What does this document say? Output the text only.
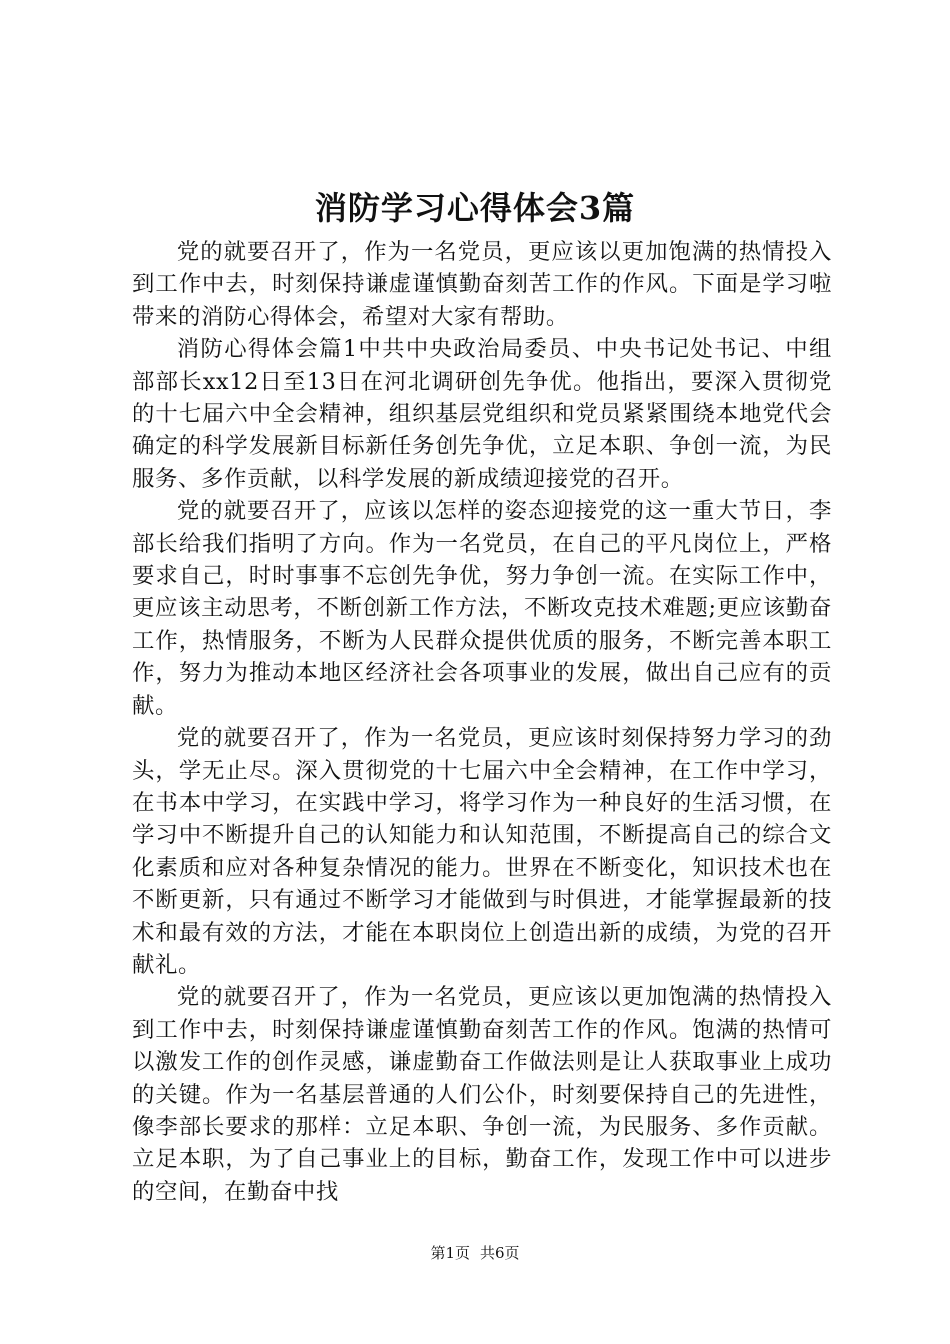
消防学习心得体会3篇

党的就要召开了，作为一名党员，更应该以更加饱满的热情投入到工作中去，时刻保持谦虚谨慎勤奋刻苦工作的作风。下面是学习啦带来的消防心得体会，希望对大家有帮助。

消防心得体会篇1中共中央政治局委员、中央书记处书记、中组部部长xx12日至13日在河北调研创先争优。他指出，要深入贯彻党的十七届六中全会精神，组织基层党组织和党员紧紧围绕本地党代会确定的科学发展新目标新任务创先争优，立足本职、争创一流，为民服务、多作贡献，以科学发展的新成绩迎接党的召开。

党的就要召开了，应该以怎样的姿态迎接党的这一重大节日，李部长给我们指明了方向。作为一名党员，在自己的平凡岗位上，严格要求自己，时时事事不忘创先争优，努力争创一流。在实际工作中，更应该主动思考，不断创新工作方法，不断攻克技术难题;更应该勤奋工作，热情服务，不断为人民群众提供优质的服务，不断完善本职工作，努力为推动本地区经济社会各项事业的发展，做出自己应有的贡献。

党的就要召开了，作为一名党员，更应该时刻保持努力学习的劲头，学无止尽。深入贯彻党的十七届六中全会精神，在工作中学习，在书本中学习，在实践中学习，将学习作为一种良好的生活习惯，在学习中不断提升自己的认知能力和认知范围，不断提高自己的综合文化素质和应对各种复杂情况的能力。世界在不断变化，知识技术也在不断更新，只有通过不断学习才能做到与时俱进，才能掌握最新的技术和最有效的方法，才能在本职岗位上创造出新的成绩，为党的召开献礼。

党的就要召开了，作为一名党员，更应该以更加饱满的热情投入到工作中去，时刻保持谦虚谨慎勤奋刻苦工作的作风。饱满的热情可以激发工作的创作灵感，谦虚勤奋工作做法则是让人获取事业上成功的关键。作为一名基层普通的人们公仆，时刻要保持自己的先进性，像李部长要求的那样：立足本职、争创一流，为民服务、多作贡献。立足本职，为了自己事业上的目标，勤奋工作，发现工作中可以进步的空间，在勤奋中找

第1页 共6页
